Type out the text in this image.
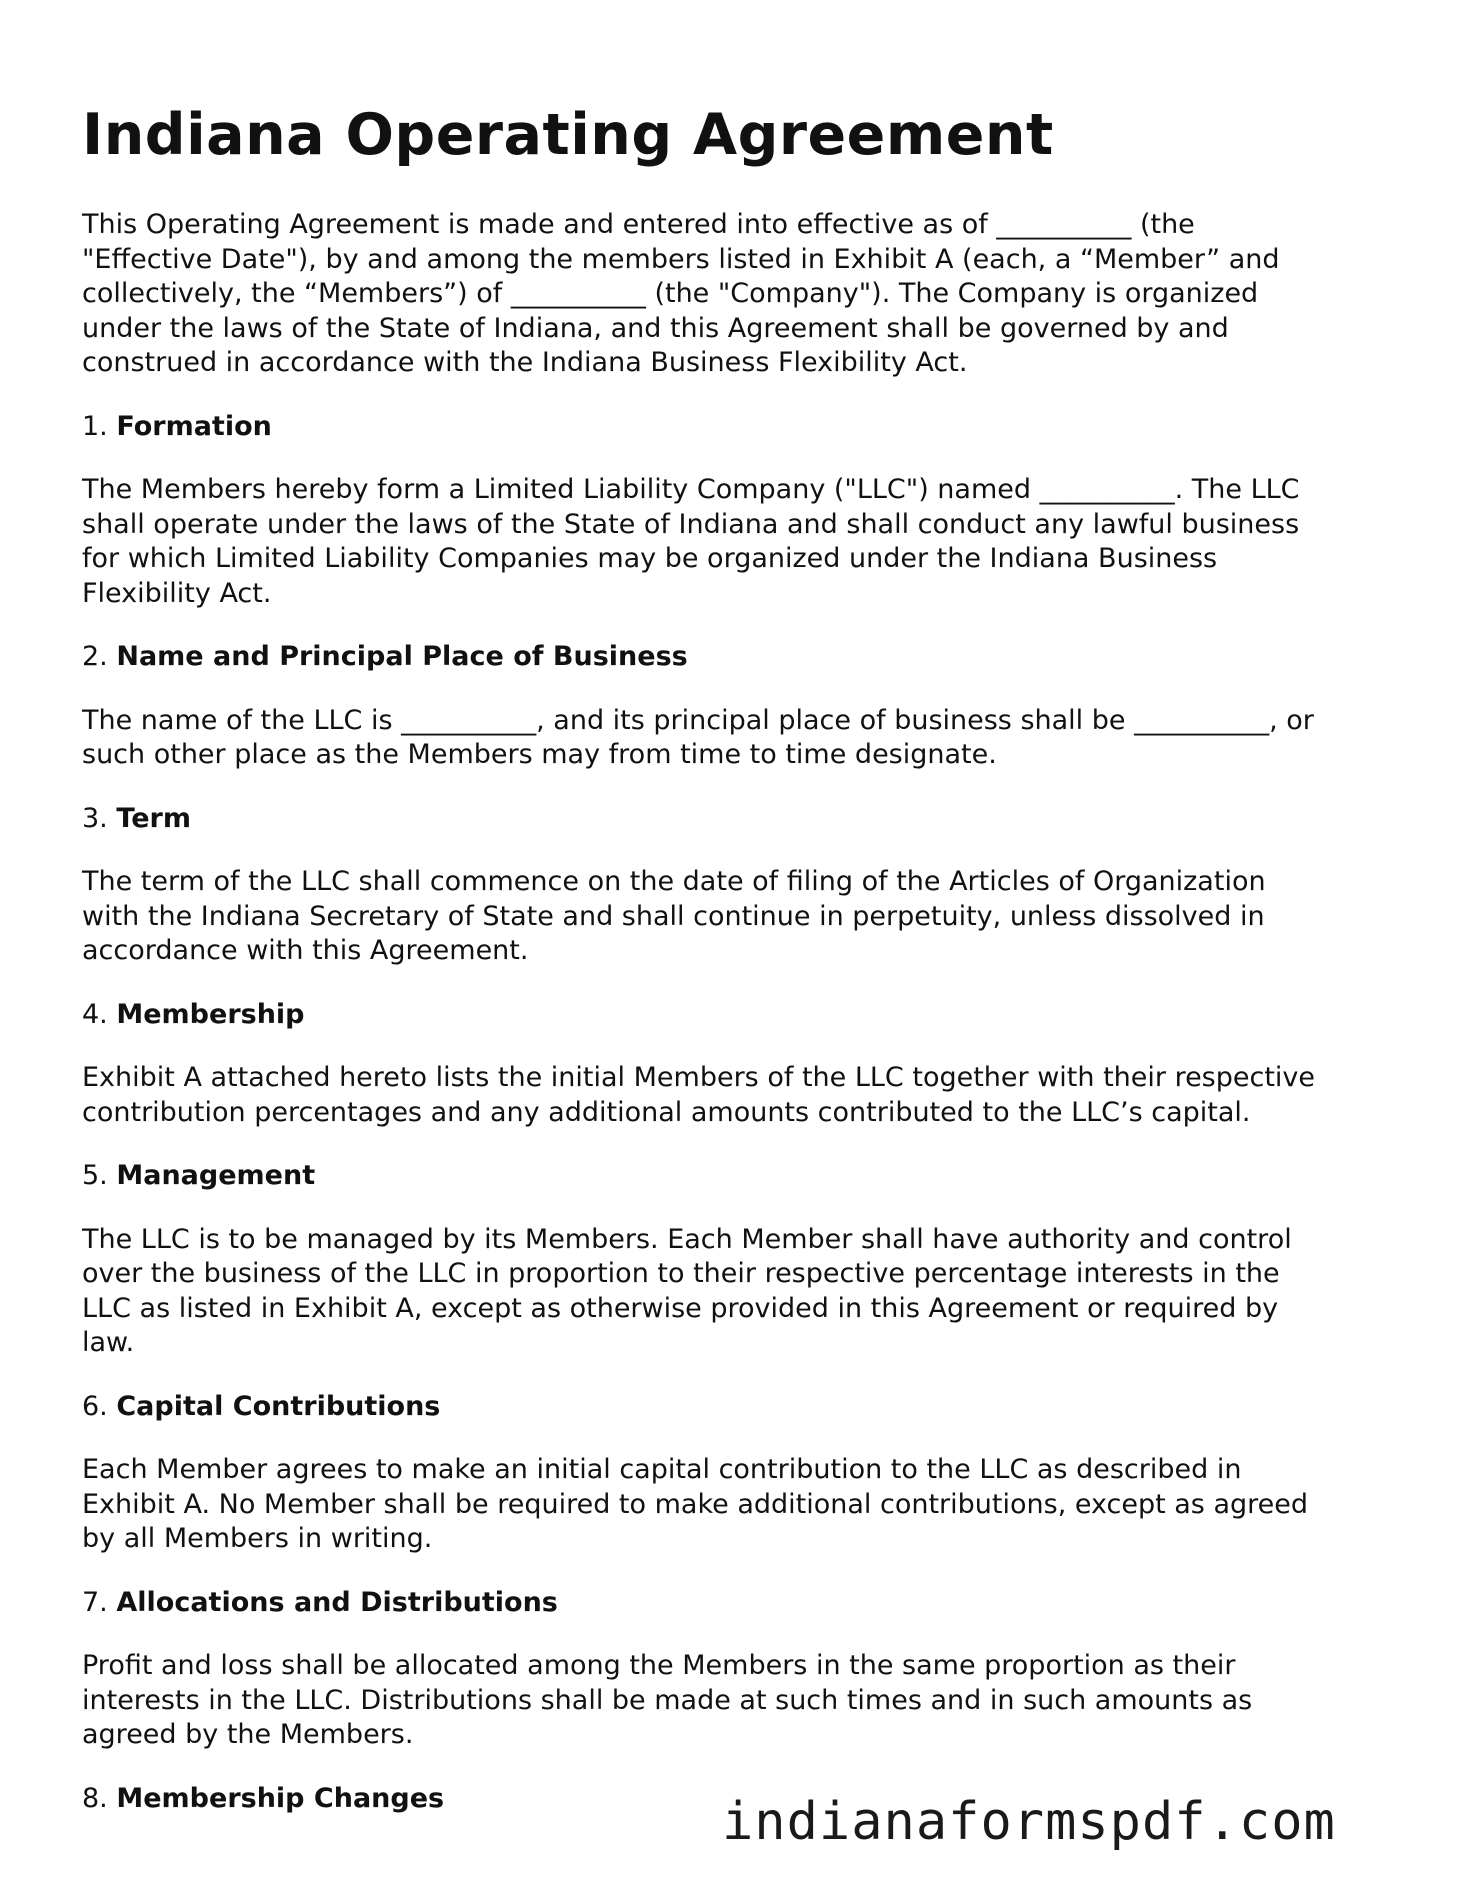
Indiana Operating Agreement

This Operating Agreement is made and entered into effective as of __________ (the
"Effective Date"), by and among the members listed in Exhibit A (each, a “Member” and
collectively, the “Members”) of __________ (the "Company"). The Company is organized
under the laws of the State of Indiana, and this Agreement shall be governed by and
construed in accordance with the Indiana Business Flexibility Act.

1. Formation

The Members hereby form a Limited Liability Company ("LLC") named __________. The LLC
shall operate under the laws of the State of Indiana and shall conduct any lawful business
for which Limited Liability Companies may be organized under the Indiana Business
Flexibility Act.

2. Name and Principal Place of Business

The name of the LLC is __________, and its principal place of business shall be __________, or
such other place as the Members may from time to time designate.

3. Term

The term of the LLC shall commence on the date of filing of the Articles of Organization
with the Indiana Secretary of State and shall continue in perpetuity, unless dissolved in
accordance with this Agreement.

4. Membership

Exhibit A attached hereto lists the initial Members of the LLC together with their respective
contribution percentages and any additional amounts contributed to the LLC’s capital.

5. Management

The LLC is to be managed by its Members. Each Member shall have authority and control
over the business of the LLC in proportion to their respective percentage interests in the
LLC as listed in Exhibit A, except as otherwise provided in this Agreement or required by
law.

6. Capital Contributions

Each Member agrees to make an initial capital contribution to the LLC as described in
Exhibit A. No Member shall be required to make additional contributions, except as agreed
by all Members in writing.

7. Allocations and Distributions

Profit and loss shall be allocated among the Members in the same proportion as their
interests in the LLC. Distributions shall be made at such times and in such amounts as
agreed by the Members.

8. Membership Changes	indianaformspdf.com
